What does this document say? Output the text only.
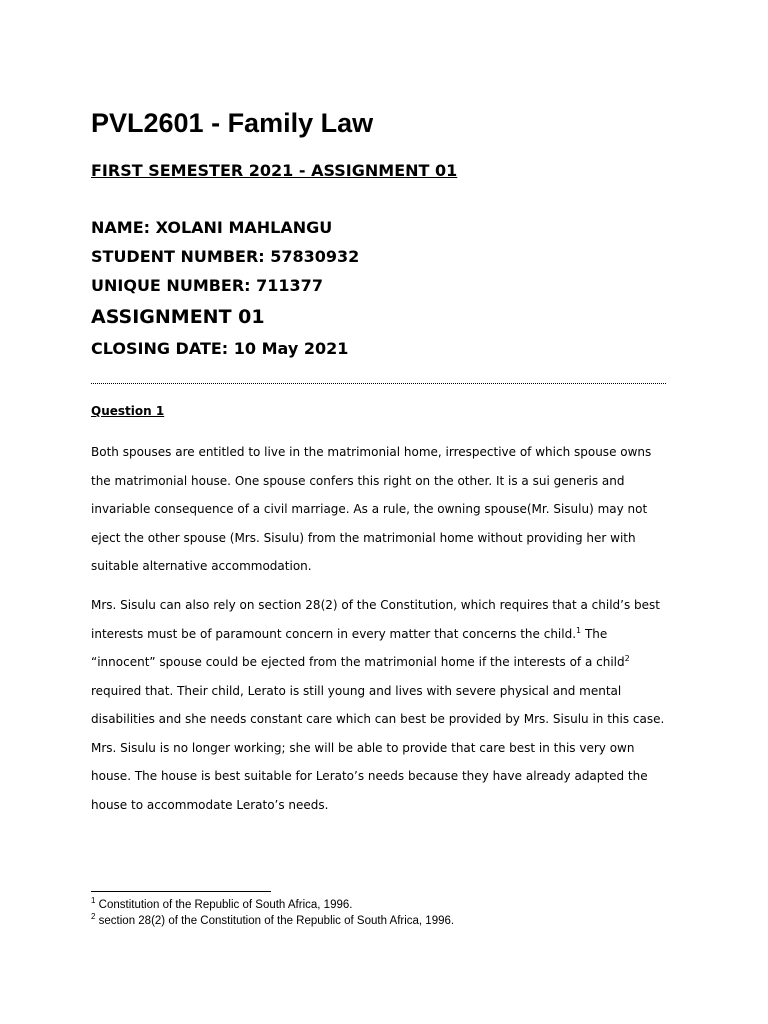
PVL2601 - Family Law
FIRST SEMESTER 2021 - ASSIGNMENT 01

NAME: XOLANI MAHLANGU

STUDENT NUMBER: 57830932

UNIQUE NUMBER: 711377

ASSIGNMENT 01

CLOSING DATE: 10 May 2021

Question 1

Both spouses are entitled to live in the matrimonial home, irrespective of which spouse owns
the matrimonial house. One spouse confers this right on the other. It is a sui generis and
invariable consequence of a civil marriage. As a rule, the owning spouse(Mr. Sisulu) may not
eject the other spouse (Mrs. Sisulu) from the matrimonial home without providing her with
suitable alternative accommodation.
Mrs. Sisulu can also rely on section 28(2) of the Constitution, which requires that a child’s best
interests must be of paramount concern in every matter that concerns the child.$^1$ The
“innocent” spouse could be ejected from the matrimonial home if the interests of a child$^2$
required that. Their child, Lerato is still young and lives with severe physical and mental
disabilities and she needs constant care which can best be provided by Mrs. Sisulu in this case.
Mrs. Sisulu is no longer working; she will be able to provide that care best in this very own
house. The house is best suitable for Lerato’s needs because they have already adapted the
house to accommodate Lerato’s needs.

$^1$ Constitution of the Republic of South Africa, 1996.

$^2$ section 28(2) of the Constitution of the Republic of South Africa, 1996.
